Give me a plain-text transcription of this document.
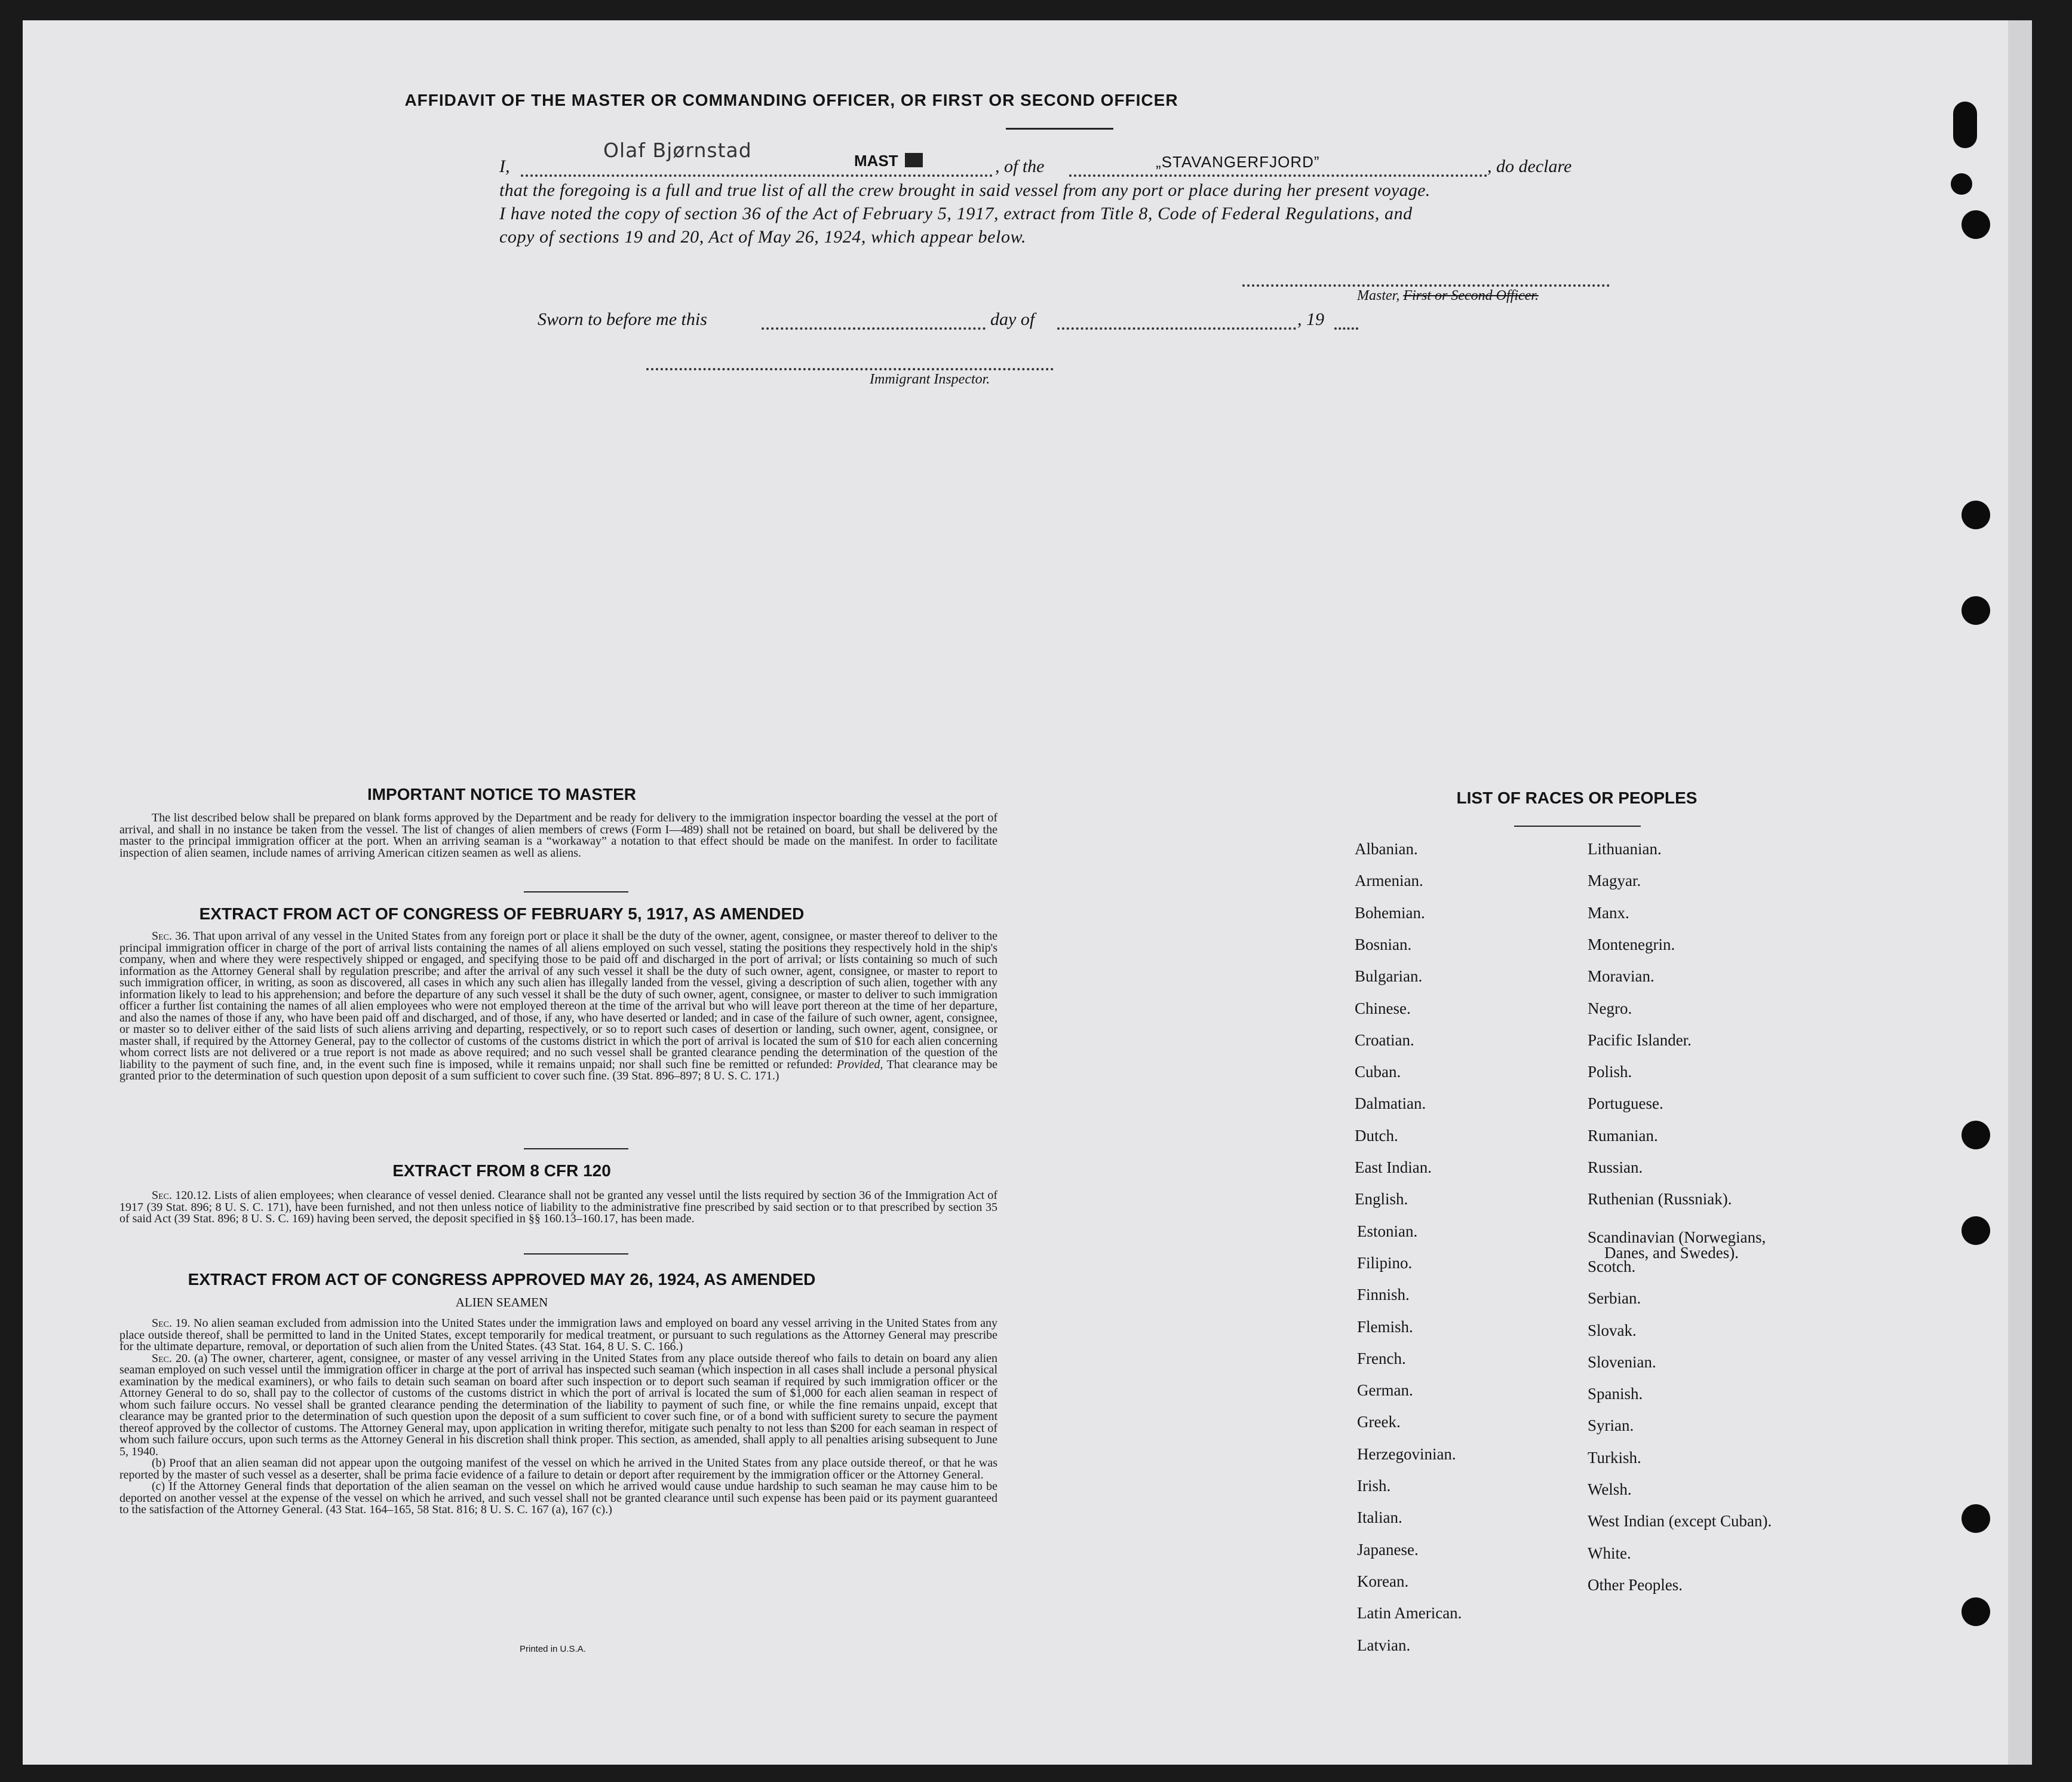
AFFIDAVIT OF THE MASTER OR COMMANDING OFFICER, OR FIRST OR SECOND OFFICER
I,
Olaf Bjørnstad	MAST	, of the	„STAVANGERFJORD”	, do declare
that the foregoing is a full and true list of all the crew brought in said vessel from any port or place during her present voyage.
I have noted the copy of section 36 of the Act of February 5, 1917, extract from Title 8, Code of Federal Regulations, and
copy of sections 19 and 20, Act of May 26, 1924, which appear below.
Master, First or Second Officer.
Sworn to before me this	day of	, 19
Immigrant Inspector.
IMPORTANT NOTICE TO MASTER

The list described below shall be prepared on blank forms approved by the Department and be ready for delivery to the immigration inspector boarding the vessel at the port of arrival, and shall in no instance be taken from the vessel. The list of changes of alien members of crews (Form I—489) shall not be retained on board, but shall be delivered by the master to the principal immigration officer at the port. When an arriving seaman is a “workaway” a notation to that effect should be made on the manifest. In order to facilitate inspection of alien seamen, include names of arriving American citizen seamen as well as aliens.

EXTRACT FROM ACT OF CONGRESS OF FEBRUARY 5, 1917, AS AMENDED

Sec. 36. That upon arrival of any vessel in the United States from any foreign port or place it shall be the duty of the owner, agent, consignee, or master thereof to deliver to the principal immigration officer in charge of the port of arrival lists containing the names of all aliens employed on such vessel, stating the positions they respectively hold in the ship's company, when and where they were respectively shipped or engaged, and specifying those to be paid off and discharged in the port of arrival; or lists containing so much of such information as the Attorney General shall by regulation prescribe; and after the arrival of any such vessel it shall be the duty of such owner, agent, consignee, or master to report to such immigration officer, in writing, as soon as discovered, all cases in which any such alien has illegally landed from the vessel, giving a description of such alien, together with any information likely to lead to his apprehension; and before the departure of any such vessel it shall be the duty of such owner, agent, consignee, or master to deliver to such immigration officer a further list containing the names of all alien employees who were not employed thereon at the time of the arrival but who will leave port thereon at the time of her departure, and also the names of those if any, who have been paid off and discharged, and of those, if any, who have deserted or landed; and in case of the failure of such owner, agent, consignee, or master so to deliver either of the said lists of such aliens arriving and departing, respectively, or so to report such cases of desertion or landing, such owner, agent, consignee, or master shall, if required by the Attorney General, pay to the collector of customs of the customs district in which the port of arrival is located the sum of $10 for each alien concerning whom correct lists are not delivered or a true report is not made as above required; and no such vessel shall be granted clearance pending the determination of the question of the liability to the payment of such fine, and, in the event such fine is imposed, while it remains unpaid; nor shall such fine be remitted or refunded: Provided, That clearance may be granted prior to the determination of such question upon deposit of a sum sufficient to cover such fine. (39 Stat. 896–897; 8 U. S. C. 171.)

EXTRACT FROM 8 CFR 120

Sec. 120.12. Lists of alien employees; when clearance of vessel denied. Clearance shall not be granted any vessel until the lists required by section 36 of the Immigration Act of 1917 (39 Stat. 896; 8 U. S. C. 171), have been furnished, and not then unless notice of liability to the administrative fine prescribed by said section or to that prescribed by section 35 of said Act (39 Stat. 896; 8 U. S. C. 169) having been served, the deposit specified in §§ 160.13–160.17, has been made.

EXTRACT FROM ACT OF CONGRESS APPROVED MAY 26, 1924, AS AMENDED
ALIEN SEAMEN

Sec. 19. No alien seaman excluded from admission into the United States under the immigration laws and employed on board any vessel arriving in the United States from any place outside thereof, shall be permitted to land in the United States, except temporarily for medical treatment, or pursuant to such regulations as the Attorney General may prescribe for the ultimate departure, removal, or deportation of such alien from the United States. (43 Stat. 164, 8 U. S. C. 166.)

Sec. 20. (a) The owner, charterer, agent, consignee, or master of any vessel arriving in the United States from any place outside thereof who fails to detain on board any alien seaman employed on such vessel until the immigration officer in charge at the port of arrival has inspected such seaman (which inspection in all cases shall include a personal physical examination by the medical examiners), or who fails to detain such seaman on board after such inspection or to deport such seaman if required by such immigration officer or the Attorney General to do so, shall pay to the collector of customs of the customs district in which the port of arrival is located the sum of $1,000 for each alien seaman in respect of whom such failure occurs. No vessel shall be granted clearance pending the determination of the liability to payment of such fine, or while the fine remains unpaid, except that clearance may be granted prior to the determination of such question upon the deposit of a sum sufficient to cover such fine, or of a bond with sufficient surety to secure the payment thereof approved by the collector of customs. The Attorney General may, upon application in writing therefor, mitigate such penalty to not less than $200 for each seaman in respect of whom such failure occurs, upon such terms as the Attorney General in his discretion shall think proper. This section, as amended, shall apply to all penalties arising subsequent to June 5, 1940.

(b) Proof that an alien seaman did not appear upon the outgoing manifest of the vessel on which he arrived in the United States from any place outside thereof, or that he was reported by the master of such vessel as a deserter, shall be prima facie evidence of a failure to detain or deport after requirement by the immigration officer or the Attorney General.

(c) If the Attorney General finds that deportation of the alien seaman on the vessel on which he arrived would cause undue hardship to such seaman he may cause him to be deported on another vessel at the expense of the vessel on which he arrived, and such vessel shall not be granted clearance until such expense has been paid or its payment guaranteed to the satisfaction of the Attorney General. (43 Stat. 164–165, 58 Stat. 816; 8 U. S. C. 167 (a), 167 (c).)

Printed in U.S.A.
LIST OF RACES OR PEOPLES
Albanian.
Armenian.
Bohemian.
Bosnian.
Bulgarian.
Chinese.
Croatian.
Cuban.
Dalmatian.
Dutch.
East Indian.
English.
Estonian.
Filipino.
Finnish.
Flemish.
French.
German.
Greek.
Herzegovinian.
Irish.
Italian.
Japanese.
Korean.
Latin American.
Latvian.
Lithuanian.
Magyar.
Manx.
Montenegrin.
Moravian.
Negro.
Pacific Islander.
Polish.
Portuguese.
Rumanian.
Russian.
Ruthenian (Russniak).
Scandinavian (Norwegians,
Danes, and Swedes).
Scotch.
Serbian.
Slovak.
Slovenian.
Spanish.
Syrian.
Turkish.
Welsh.
West Indian (except Cuban).
White.
Other Peoples.
